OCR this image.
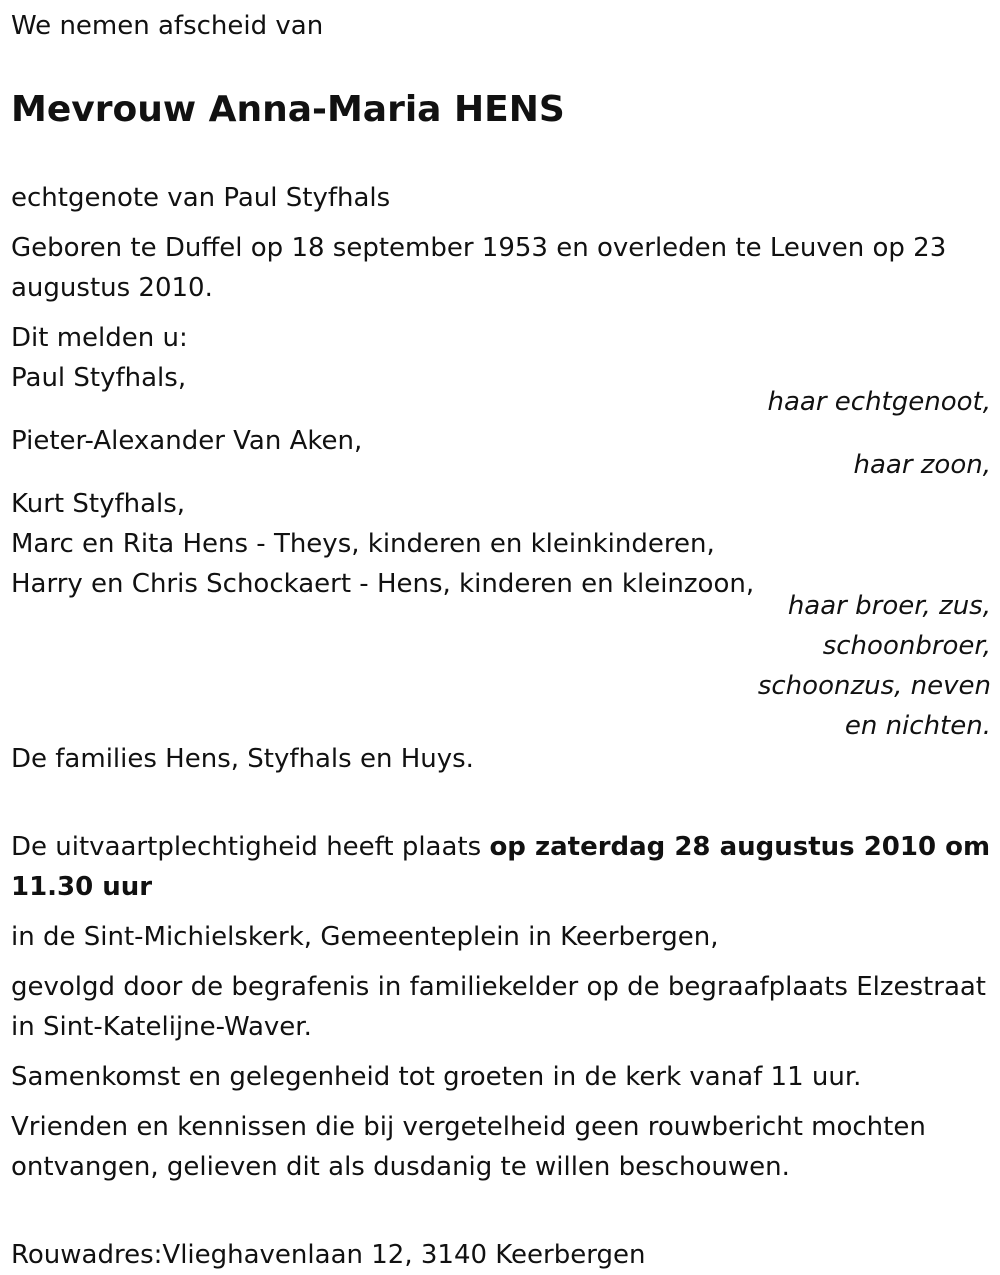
We nemen afscheid van

Mevrouw Anna-Maria HENS

echtgenote van Paul Styfhals

Geboren te Duffel op 18 september 1953 en overleden te Leuven op 23 augustus 2010.

Dit melden u:
Paul Styfhals,
haar echtgenoot,
Pieter-Alexander Van Aken,
haar zoon,
Kurt Styfhals,
Marc en Rita Hens - Theys, kinderen en kleinkinderen,
Harry en Chris Schockaert - Hens, kinderen en kleinzoon,
haar broer, zus,
schoonbroer,
schoonzus, neven
en nichten.
De families Hens, Styfhals en Huys.

De uitvaartplechtigheid heeft plaats op zaterdag 28 augustus 2010 om 11.30 uur

in de Sint-Michielskerk, Gemeenteplein in Keerbergen,

gevolgd door de begrafenis in familiekelder op de begraafplaats Elzestraat in Sint-Katelijne-Waver.

Samenkomst en gelegenheid tot groeten in de kerk vanaf 11 uur.

Vrienden en kennissen die bij vergetelheid geen rouwbericht mochten ontvangen, gelieven dit als dusdanig te willen beschouwen.

Rouwadres:Vlieghavenlaan 12, 3140 Keerbergen
